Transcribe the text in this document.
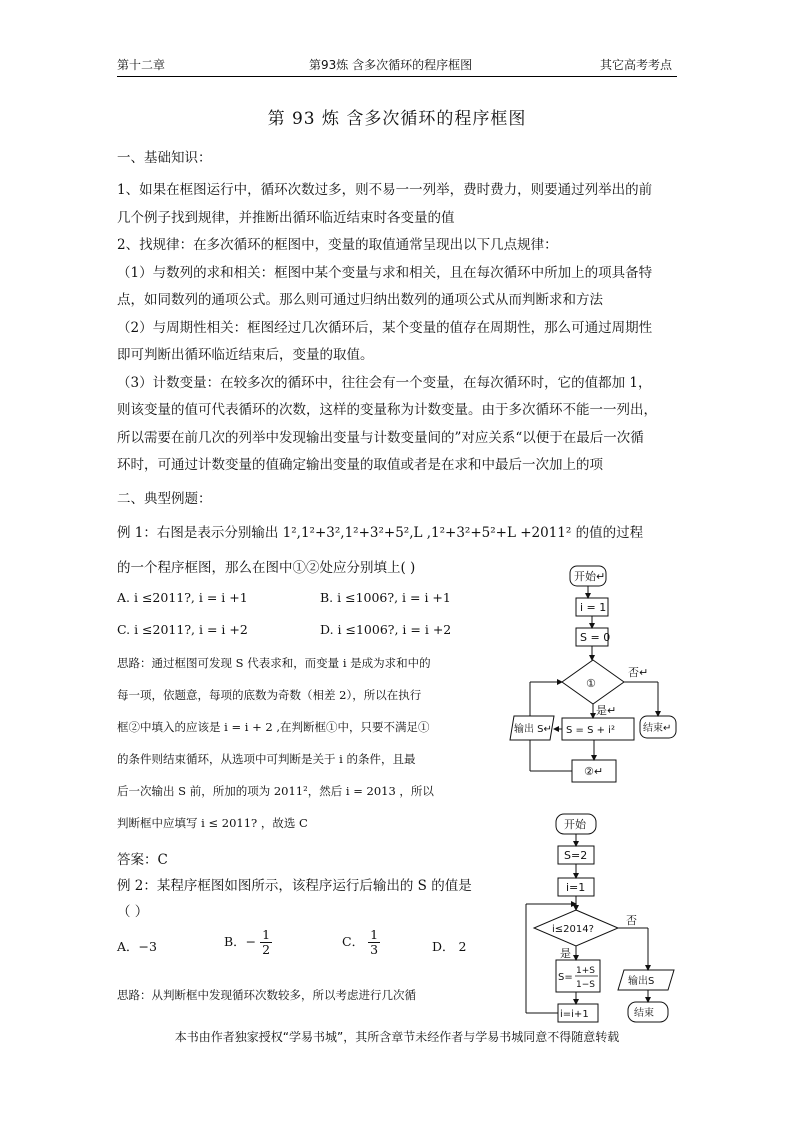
第十二章	第93炼 含多次循环的程序框图	其它高考考点
第 93 炼 含多次循环的程序框图
一、基础知识：
1、如果在框图运行中，循环次数过多，则不易一一列举，费时费力，则要通过列举出的前
几个例子找到规律，并推断出循环临近结束时各变量的值
2、找规律：在多次循环的框图中，变量的取值通常呈现出以下几点规律：
（1）与数列的求和相关：框图中某个变量与求和相关，且在每次循环中所加上的项具备特
点，如同数列的通项公式。那么则可通过归纳出数列的通项公式从而判断求和方法
（2）与周期性相关：框图经过几次循环后，某个变量的值存在周期性，那么可通过周期性
即可判断出循环临近结束后，变量的取值。
（3）计数变量：在较多次的循环中，往往会有一个变量，在每次循环时，它的值都加 1，
则该变量的值可代表循环的次数，这样的变量称为计数变量。由于多次循环不能一一列出，
所以需要在前几次的列举中发现输出变量与计数变量间的”对应关系“以便于在最后一次循
环时，可通过计数变量的值确定输出变量的取值或者是在求和中最后一次加上的项
二、典型例题：
例 1：右图是表示分别输出 1²,1²+3²,1²+3²+5²,L ,1²+3²+5²+L +2011² 的值的过程
的一个程序框图，那么在图中①②处应分别填上( )
A. i ≤2011?, i = i +1	B. i ≤1006?, i = i +1
C. i ≤2011?, i = i +2	D. i ≤1006?, i = i +2
思路：通过框图可发现 S 代表求和，而变量 i 是成为求和中的
每一项，依题意，每项的底数为奇数（相差 2），所以在执行
框②中填入的应该是 i = i + 2 ,在判断框①中，只要不满足①
的条件则结束循环，从选项中可判断是关于 i 的条件，且最
后一次输出 S 前，所加的项为 2011²，然后 i = 2013 ，所以
判断框中应填写 i ≤ 2011? ，故选 C
答案：C
例 2：某程序框图如图所示，该程序运行后输出的 S 的值是
（ ）
A．−3	B．− $\frac{1}{2}$	C． $\frac{1}{3}$	D． 2
思路：从判断框中发现循环次数较多，所以考虑进行几次循
开始↵
i = 1
S = 0
①
否↵
是↵
S = S + i²
输出 S↵	结束↵
②↵
开始
S=2
i=1
i≤2014?
否
是
S=
1+S
1−S	输出S
结束
i=i+1
本书由作者独家授权“学易书城”，其所含章节未经作者与学易书城同意不得随意转载
